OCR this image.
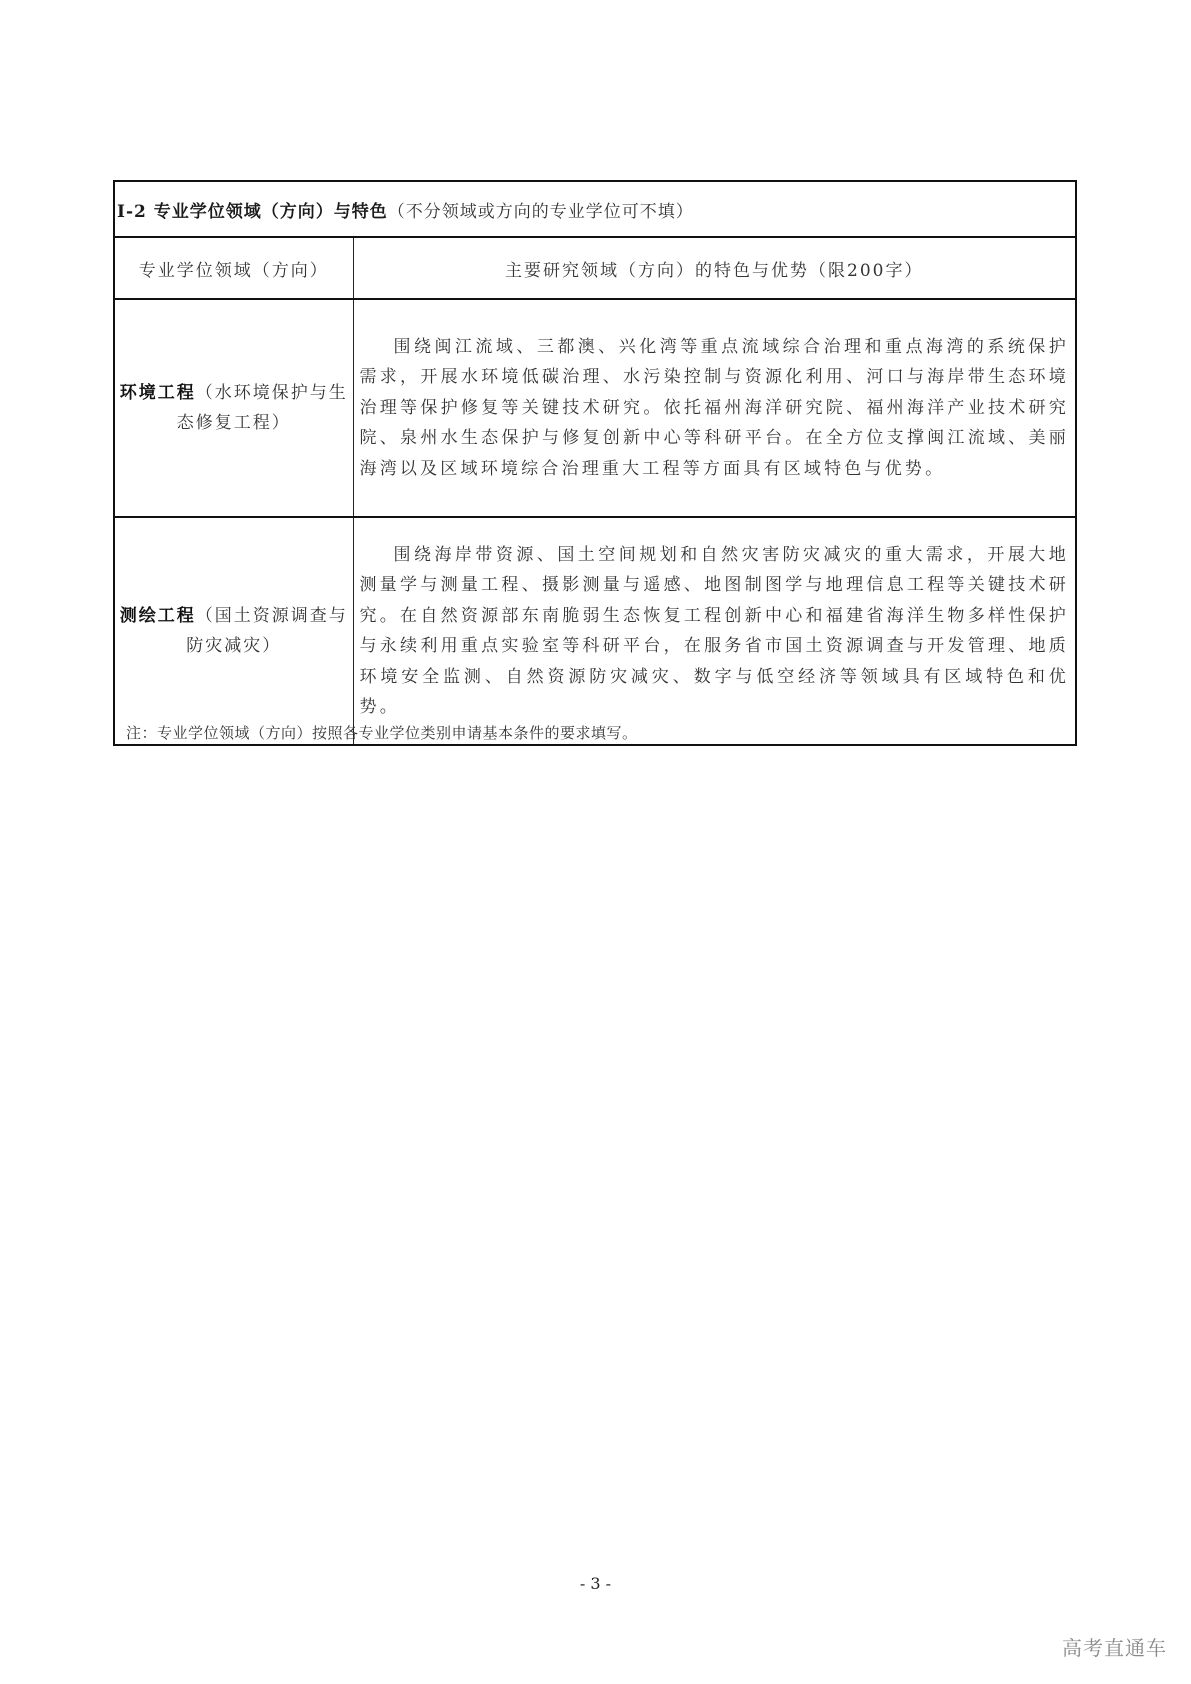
I-2 专业学位领域（方向）与特色（不分领域或方向的专业学位可不填）	
专业学位领域（方向）	主要研究领域（方向）的特色与优势（限200字）
环境工程（水环境保护与生态修复工程）	围绕闽江流域、三都澳、兴化湾等重点流域综合治理和重点海湾的系统保护需求，开展水环境低碳治理、水污染控制与资源化利用、河口与海岸带生态环境治理等保护修复等关键技术研究。依托福州海洋研究院、福州海洋产业技术研究院、泉州水生态保护与修复创新中心等科研平台。在全方位支撑闽江流域、美丽海湾以及区域环境综合治理重大工程等方面具有区域特色与优势。

测绘工程（国土资源调查与防灾减灾）	围绕海岸带资源、国土空间规划和自然灾害防灾减灾的重大需求，开展大地测量学与测量工程、摄影测量与遥感、地图制图学与地理信息工程等关键技术研究。在自然资源部东南脆弱生态恢复工程创新中心和福建省海洋生物多样性保护与永续利用重点实验室等科研平台，在服务省市国土资源调查与开发管理、地质环境安全监测、自然资源防灾减灾、数字与低空经济等领域具有区域特色和优势。

注：专业学位领域（方向）按照各专业学位类别申请基本条件的要求填写。
- 3 -
高考直通车
